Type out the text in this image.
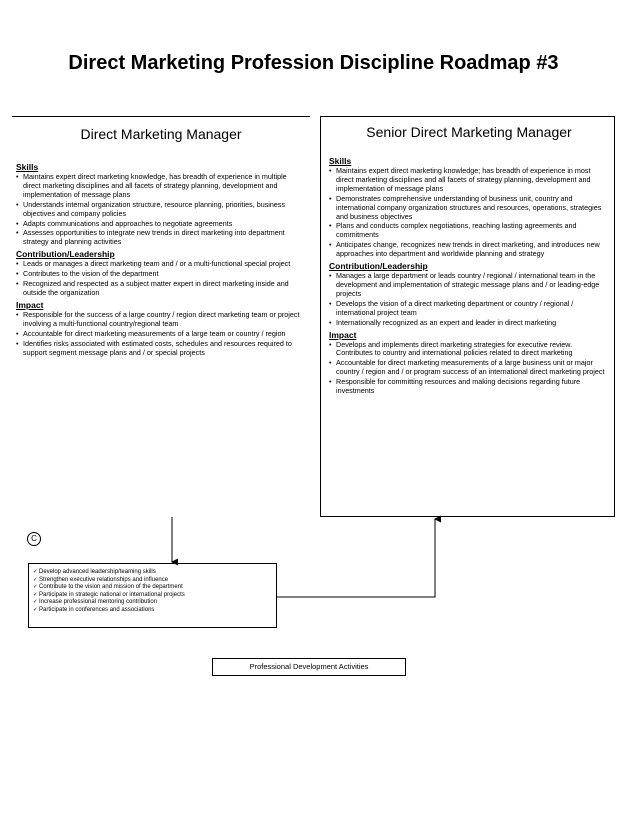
Direct Marketing Profession Discipline Roadmap #3
Direct Marketing Manager
Skills
• Maintains expert direct marketing knowledge, has breadth of experience in multiple direct marketing disciplines and all facets of strategy planning, development and implementation of message plans
• Understands internal organization structure, resource planning, priorities, business objectives and company policies
• Adapts communications and approaches to negotiate agreements
• Assesses opportunities to integrate new trends in direct marketing into department strategy and planning activities
Contribution/Leadership
• Leads or manages a direct marketing team and / or a multi-functional special project
• Contributes to the vision of the department
• Recognized and respected as a subject matter expert in direct marketing inside and outside the organization
Impact
• Responsible for the success of a large country / region direct marketing team or project involving a multi-functional country/regional team
• Accountable for direct marketing measurements of a large team or country / region
• Identifies risks associated with estimated costs, schedules and resources required to support segment message plans and / or special projects
Senior Direct Marketing Manager
Skills
• Maintains expert direct marketing knowledge; has breadth of experience in most direct marketing disciplines and all facets of strategy planning, development and implementation of message plans
• Demonstrates comprehensive understanding of business unit, country and international company organization structures and resources, operations, strategies and business objectives
• Plans and conducts complex negotiations, reaching lasting agreements and commitments
• Anticipates change, recognizes new trends in direct marketing, and introduces new approaches into department and worldwide planning and strategy
Contribution/Leadership
• Manages a large department or leads country / regional / international team in the development and implementation of strategic message plans and / or leading-edge projects
• Develops the vision of a direct marketing department or country / regional / international project team
• Internationally recognized as an expert and leader in direct marketing
Impact
• Develops and implements direct marketing strategies for executive review. Contributes to country and international policies related to direct marketing
• Accountable for direct marketing measurements of a large business unit or major country / region and / or program success of an international direct marketing project
• Responsible for committing resources and making decisions regarding future investments
C
✓ Develop advanced leadership/teaming skills
✓ Strengthen executive relationships and influence
✓ Contribute to the vision and mission of the department
✓ Participate in strategic national or international projects
✓ Increase professional mentoring contribution
✓ Participate in conferences and associations
Professional Development Activities
